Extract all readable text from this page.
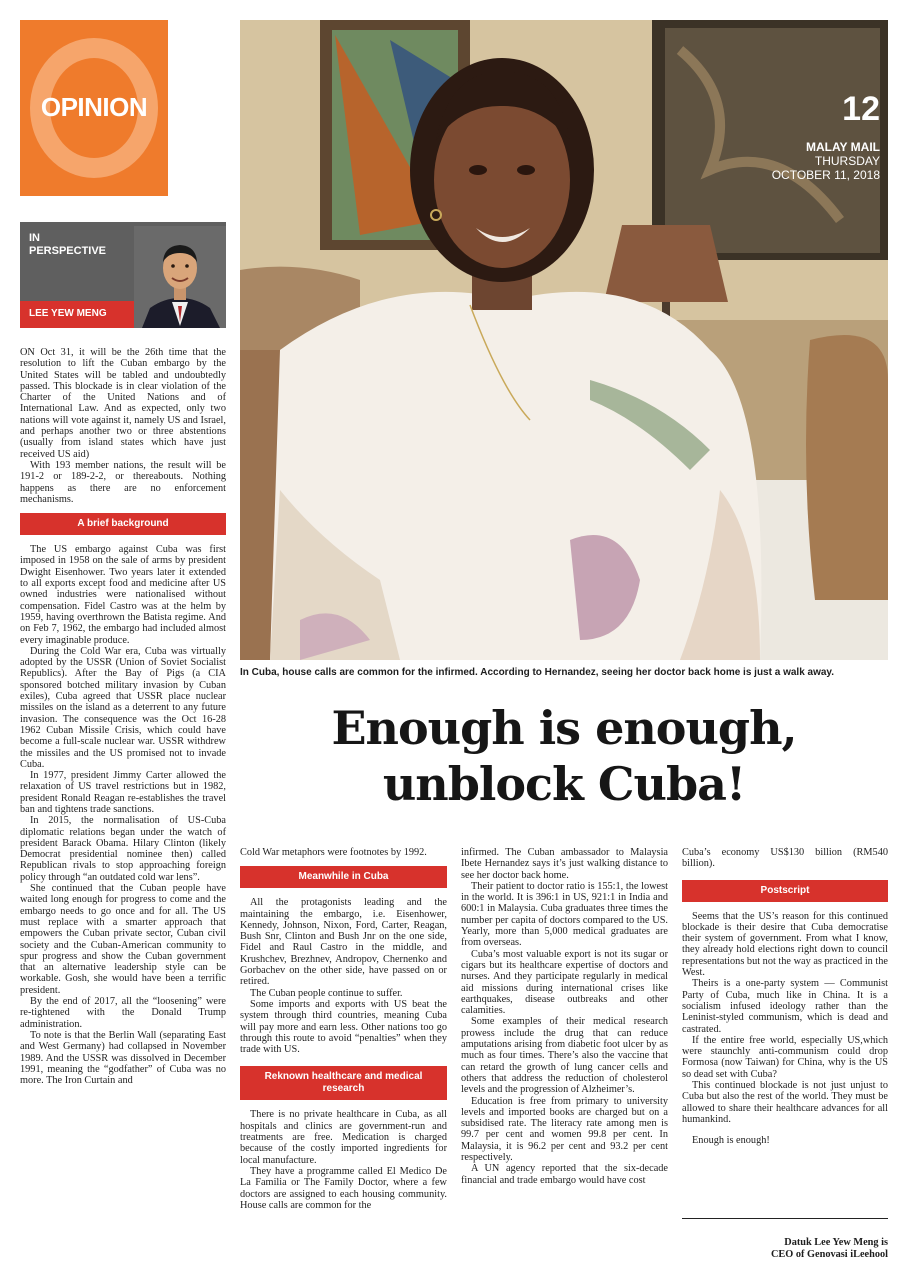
OPINION
IN
PERSPECTIVE
LEE YEW MENG

ON Oct 31, it will be the 26th time that the resolution to lift the Cuban embargo by the United States will be tabled and undoubtedly passed. This blockade is in clear violation of the Charter of the United Nations and of International Law. And as expected, only two nations will vote against it, namely US and Israel, and perhaps another two or three abstentions (usually from island states which have just received US aid)

With 193 member nations, the result will be 191-2 or 189-2-2, or thereabouts. Nothing happens as there are no enforcement mechanisms.

A brief background

The US embargo against Cuba was first imposed in 1958 on the sale of arms by president Dwight Eisenhower. Two years later it extended to all exports except food and medicine after US owned industries were nationalised without compensation. Fidel Castro was at the helm by 1959, having overthrown the Batista regime. And on Feb 7, 1962, the embargo had included almost every imaginable produce.

During the Cold War era, Cuba was virtually adopted by the USSR (Union of Soviet Socialist Republics). After the Bay of Pigs (a CIA sponsored botched military invasion by Cuban exiles), Cuba agreed that USSR place nuclear missiles on the island as a deterrent to any future invasion. The consequence was the Oct 16-28 1962 Cuban Missile Crisis, which could have become a full-scale nuclear war. USSR withdrew the missiles and the US promised not to invade Cuba.

In 1977, president Jimmy Carter allowed the relaxation of US travel restrictions but in 1982, president Ronald Reagan re-establishes the travel ban and tightens trade sanctions.

In 2015, the normalisation of US-Cuba diplomatic relations began under the watch of president Barack Obama. Hilary Clinton (likely Democrat presidential nominee then) called Republican rivals to stop approaching foreign policy through “an outdated cold war lens”.

She continued that the Cuban people have waited long enough for progress to come and the embargo needs to go once and for all. The US must replace with a smarter approach that empowers the Cuban private sector, Cuban civil society and the Cuban-American community to spur progress and show the Cuban government that an alternative leadership style can be workable. Gosh, she would have been a terrific president.

By the end of 2017, all the “loosening” were re-tightened with the Donald Trump administration.

To note is that the Berlin Wall (separating East and West Germany) had collapsed in November 1989. And the USSR was dissolved in December 1991, meaning the “godfather” of Cuba was no more. The Iron Curtain and

12
MALAY MAIL
THURSDAY
OCTOBER 11, 2018
In Cuba, house calls are common for the infirmed. According to Hernandez, seeing her doctor back home is just a walk away.
Enough is enough,
unblock Cuba!

Cold War metaphors were footnotes by 1992.

Meanwhile in Cuba

All the protagonists leading and the maintaining the embargo, i.e. Eisenhower, Kennedy, Johnson, Nixon, Ford, Carter, Reagan, Bush Snr, Clinton and Bush Jnr on the one side, Fidel and Raul Castro in the middle, and Krushchev, Brezhnev, Andropov, Chernenko and Gorbachev on the other side, have passed on or retired.

The Cuban people continue to suffer.

Some imports and exports with US beat the system through third countries, meaning Cuba will pay more and earn less. Other nations too go through this route to avoid “penalties” when they trade with US.

Reknown healthcare and medical research

There is no private healthcare in Cuba, as all hospitals and clinics are government-run and treatments are free. Medication is charged because of the costly imported ingredients for local manufacture.

They have a programme called El Medico De La Familia or The Family Doctor, where a few doctors are assigned to each housing community. House calls are common for the

infirmed. The Cuban ambassador to Malaysia Ibete Hernandez says it’s just walking distance to see her doctor back home.

Their patient to doctor ratio is 155:1, the lowest in the world. It is 396:1 in US, 921:1 in India and 600:1 in Malaysia. Cuba graduates three times the number per capita of doctors compared to the US. Yearly, more than 5,000 medical graduates are from overseas.

Cuba’s most valuable export is not its sugar or cigars but its healthcare expertise of doctors and nurses. And they participate regularly in medical aid missions during international crises like earthquakes, disease outbreaks and other calamities.

Some examples of their medical research prowess include the drug that can reduce amputations arising from diabetic foot ulcer by as much as four times. There’s also the vaccine that can retard the growth of lung cancer cells and others that address the reduction of cholesterol levels and the progression of Alzheimer’s.

Education is free from primary to university levels and imported books are charged but on a subsidised rate. The literacy rate among men is 99.7 per cent and women 99.8 per cent. In Malaysia, it is 96.2 per cent and 93.2 per cent respectively.

A UN agency reported that the six-decade financial and trade embargo would have cost

Cuba’s economy US$130 billion (RM540 billion).

Postscript

Seems that the US’s reason for this continued blockade is their desire that Cuba democratise their system of government. From what I know, they already hold elections right down to council representations but not the way as practiced in the West.

Theirs is a one-party system — Communist Party of Cuba, much like in China. It is a socialism infused ideology rather than the Leninist-styled communism, which is dead and castrated.

If the entire free world, especially US,which were staunchly anti-communism could drop Formosa (now Taiwan) for China, why is the US so dead set with Cuba?

This continued blockade is not just unjust to Cuba but also the rest of the world. They must be allowed to share their healthcare advances for all humankind.

Enough is enough!

Datuk Lee Yew Meng is
CEO of Genovasi iLeehool
